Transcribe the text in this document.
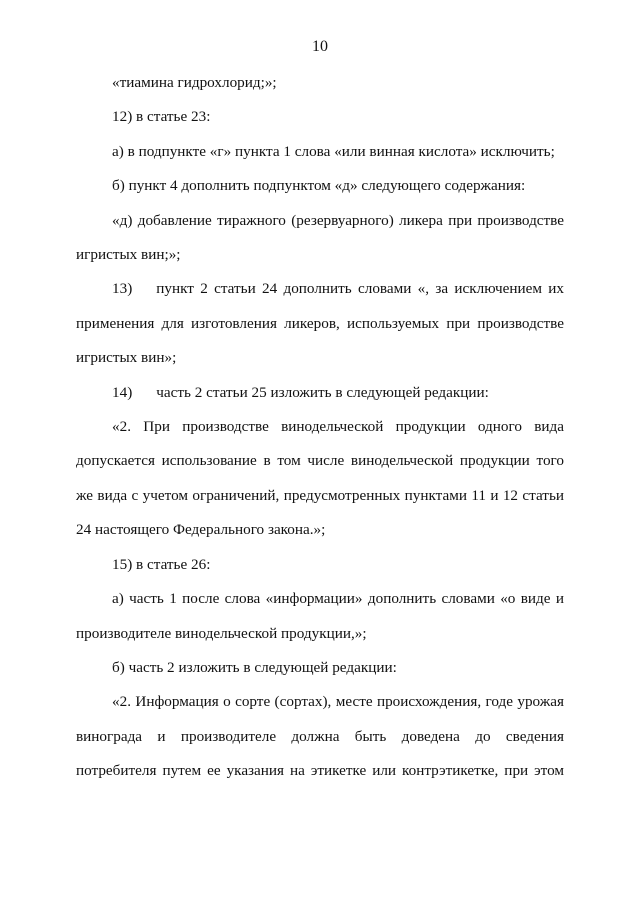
10

«тиамина гидрохлорид;»;

12) в статье 23:

а) в подпункте «г» пункта 1 слова «или винная кислота» исключить;

б) пункт 4 дополнить подпунктом «д» следующего содержания:

«д) добавление тиражного (резервуарного) ликера при производстве игристых вин;»;

13) пункт 2 статьи 24 дополнить словами «, за исключением их применения для изготовления ликеров, используемых при производстве игристых вин»;

14) часть 2 статьи 25 изложить в следующей редакции:

«2. При производстве винодельческой продукции одного вида допускается использование в том числе винодельческой продукции того же вида с учетом ограничений, предусмотренных пунктами 11 и 12 статьи 24 настоящего Федерального закона.»;

15) в статье 26:

а) часть 1 после слова «информации» дополнить словами «о виде и производителе винодельческой продукции,»;

б) часть 2 изложить в следующей редакции:

«2. Информация о сорте (сортах), месте происхождения, годе урожая винограда и производителе должна быть доведена до сведения потребителя путем ее указания на этикетке или контрэтикетке, при этом
